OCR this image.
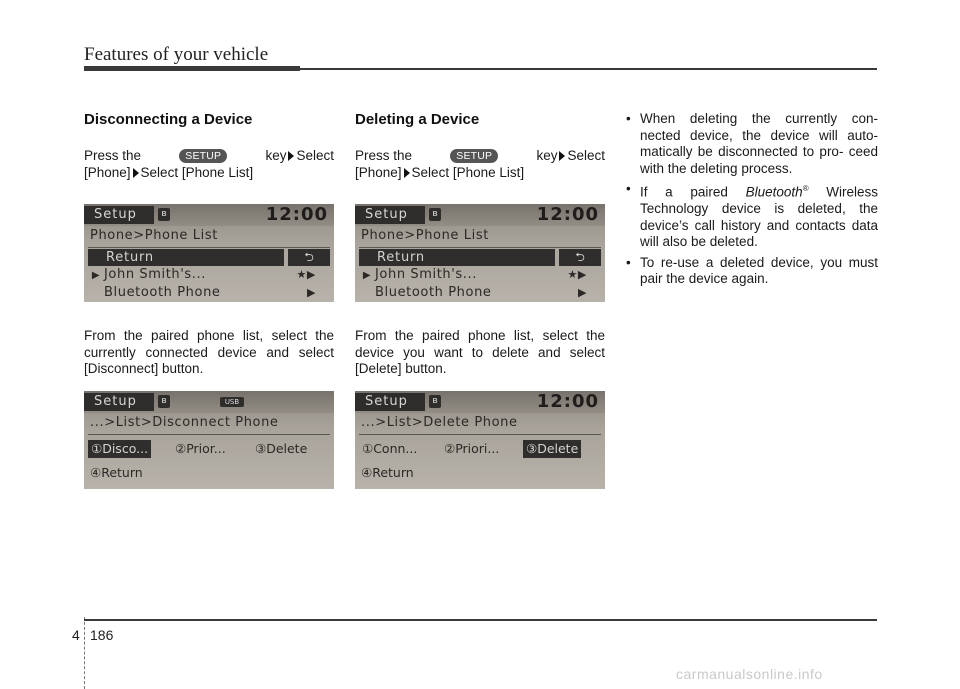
Features of your vehicle
Disconnecting a Device
Press the	SETUP	key Select
[Phone] Select [Phone List]
Setup	ʙ	12:00
Phone>Phone List
Return	⮌
▶ John Smith's...	★▶
Bluetooth Phone	▶
From the paired phone list, select the currently connected device and select [Disconnect] button.
Setup	ʙ	USB
...>List>Disconnect Phone
①Disco... ②Prior... ③Delete
④Return
Deleting a Device
Press the	SETUP	key Select
[Phone] Select [Phone List]
Setup	ʙ	12:00
Phone>Phone List
Return	⮌
▶ John Smith's...	★▶
Bluetooth Phone	▶
From the paired phone list, select the device you want to delete and select [Delete] button.
Setup	ʙ	12:00
...>List>Delete Phone
①Conn... ②Priori... ③Delete
④Return
• When deleting the currently con- nected device, the device will auto- matically be disconnected to pro- ceed with the deleting process.
• If a paired Bluetooth® Wireless Technology device is deleted, the device’s call history and contacts data will also be deleted.
• To re-use a deleted device, you must pair the device again.
4 186
carmanualsonline.info
